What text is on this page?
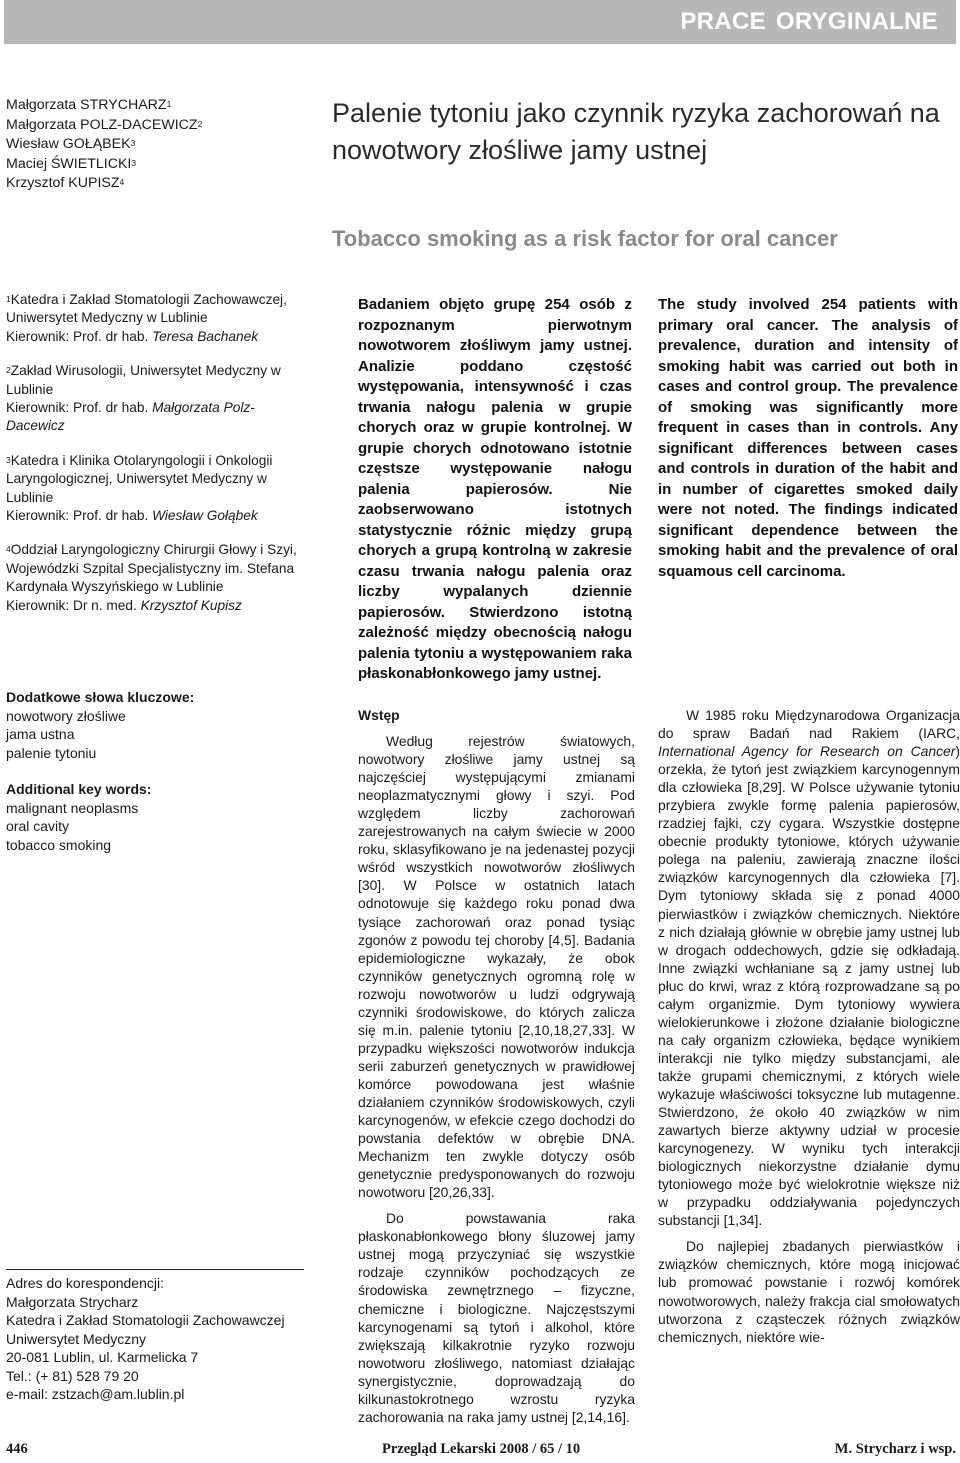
PRACE ORYGINALNE
Małgorzata STRYCHARZ$^1$
Małgorzata POLZ-DACEWICZ$^2$
Wiesław GOŁĄBEK$^3$
Maciej ŚWIETLICKI$^3$
Krzysztof KUPISZ$^4$
Palenie tytoniu jako czynnik ryzyka zachorowań na nowotwory złośliwe jamy ustnej
Tobacco smoking as a risk factor for oral cancer

$^1$Katedra i Zakład Stomatologii Zachowawczej, Uniwersytet Medyczny w Lublinie
Kierownik: Prof. dr hab. Teresa Bachanek

$^2$Zakład Wirusologii, Uniwersytet Medyczny w Lublinie
Kierownik: Prof. dr hab. Małgorzata Polz-Dacewicz

$^3$Katedra i Klinika Otolaryngologii i Onkologii Laryngologicznej, Uniwersytet Medyczny w Lublinie
Kierownik: Prof. dr hab. Wiesław Gołąbek

$^4$Oddział Laryngologiczny Chirurgii Głowy i Szyi, Wojewódzki Szpital Specjalistyczny im. Stefana Kardynała Wyszyńskiego w Lublinie
Kierownik: Dr n. med. Krzysztof Kupisz

Badaniem objęto grupę 254 osób z rozpoznanym pierwotnym nowotworem złośliwym jamy ustnej. Analizie poddano częstość występowania, intensywność i czas trwania nałogu palenia w grupie chorych oraz w grupie kontrolnej. W grupie chorych odnotowano istotnie częstsze występowanie nałogu palenia papierosów. Nie zaobserwowano istotnych statystycznie różnic między grupą chorych a grupą kontrolną w zakresie czasu trwania nałogu palenia oraz liczby wypalanych dziennie papierosów. Stwierdzono istotną zależność między obecnością nałogu palenia tytoniu a występowaniem raka płaskonabłonkowego jamy ustnej.
The study involved 254 patients with primary oral cancer. The analysis of prevalence, duration and intensity of smoking habit was carried out both in cases and control group. The prevalence of smoking was significantly more frequent in cases than in controls. Any significant differences between cases and controls in duration of the habit and in number of cigarettes smoked daily were not noted. The findings indicated significant dependence between the smoking habit and the prevalence of oral squamous cell carcinoma.
Dodatkowe słowa kluczowe:
nowotwory złośliwe
jama ustna
palenie tytoniu
Additional key words:
malignant neoplasms
oral cavity
tobacco smoking
Adres do korespondencji:
Małgorzata Strycharz
Katedra i Zakład Stomatologii Zachowawczej
Uniwersytet Medyczny
20-081 Lublin, ul. Karmelicka 7
Tel.: (+ 81) 528 79 20
e-mail: zstzach@am.lublin.pl

Wstęp

Według rejestrów światowych, nowotwory złośliwe jamy ustnej są najczęściej występującymi zmianami neoplazmatycznymi głowy i szyi. Pod względem liczby zachorowań zarejestrowanych na całym świecie w 2000 roku, sklasyfikowano je na jedenastej pozycji wśród wszystkich nowotworów złośliwych [30]. W Polsce w ostatnich latach odnotowuje się każdego roku ponad dwa tysiące zachorowań oraz ponad tysiąc zgonów z powodu tej choroby [4,5]. Badania epidemiologiczne wykazały, że obok czynników genetycznych ogromną rolę w rozwoju nowotworów u ludzi odgrywają czynniki środowiskowe, do których zalicza się m.in. palenie tytoniu [2,10,18,27,33]. W przypadku większości nowotworów indukcja serii zaburzeń genetycznych w prawidłowej komórce powodowana jest właśnie działaniem czynników środowiskowych, czyli karcynogenów, w efekcie czego dochodzi do powstania defektów w obrębie DNA. Mechanizm ten zwykle dotyczy osób genetycznie predysponowanych do rozwoju nowotworu [20,26,33].

Do powstawania raka płaskonabłonkowego błony śluzowej jamy ustnej mogą przyczyniać się wszystkie rodzaje czynników pochodzących ze środowiska zewnętrznego – fizyczne, chemiczne i biologiczne. Najczęstszymi karcynogenami są tytoń i alkohol, które zwiększają kilkakrotnie ryzyko rozwoju nowotworu złośliwego, natomiast działając synergistycznie, doprowadzają do kilkunastokrotnego wzrostu ryzyka zachorowania na raka jamy ustnej [2,14,16].

W 1985 roku Międzynarodowa Organizacja do spraw Badań nad Rakiem (IARC, International Agency for Research on Cancer) orzekła, że tytoń jest związkiem karcynogennym dla człowieka [8,29]. W Polsce używanie tytoniu przybiera zwykle formę palenia papierosów, rzadziej fajki, czy cygara. Wszystkie dostępne obecnie produkty tytoniowe, których używanie polega na paleniu, zawierają znaczne ilości związków karcynogennych dla człowieka [7]. Dym tytoniowy składa się z ponad 4000 pierwiastków i związków chemicznych. Niektóre z nich działają głównie w obrębie jamy ustnej lub w drogach oddechowych, gdzie się odkładają. Inne związki wchłaniane są z jamy ustnej lub płuc do krwi, wraz z którą rozprowadzane są po całym organizmie. Dym tytoniowy wywiera wielokierunkowe i złożone działanie biologiczne na cały organizm człowieka, będące wynikiem interakcji nie tylko między substancjami, ale także grupami chemicznymi, z których wiele wykazuje właściwości toksyczne lub mutagenne. Stwierdzono, że około 40 związków w nim zawartych bierze aktywny udział w procesie karcynogenezy. W wyniku tych interakcji biologicznych niekorzystne działanie dymu tytoniowego może być wielokrotnie większe niż w przypadku oddziaływania pojedynczych substancji [1,34].

Do najlepiej zbadanych pierwiastków i związków chemicznych, które mogą inicjować lub promować powstanie i rozwój komórek nowotworowych, należy frakcja cial smołowatych utworzona z cząsteczek różnych związków chemicznych, niektóre wie-

446	Przegląd Lekarski 2008 / 65 / 10	M. Strycharz i wsp.
